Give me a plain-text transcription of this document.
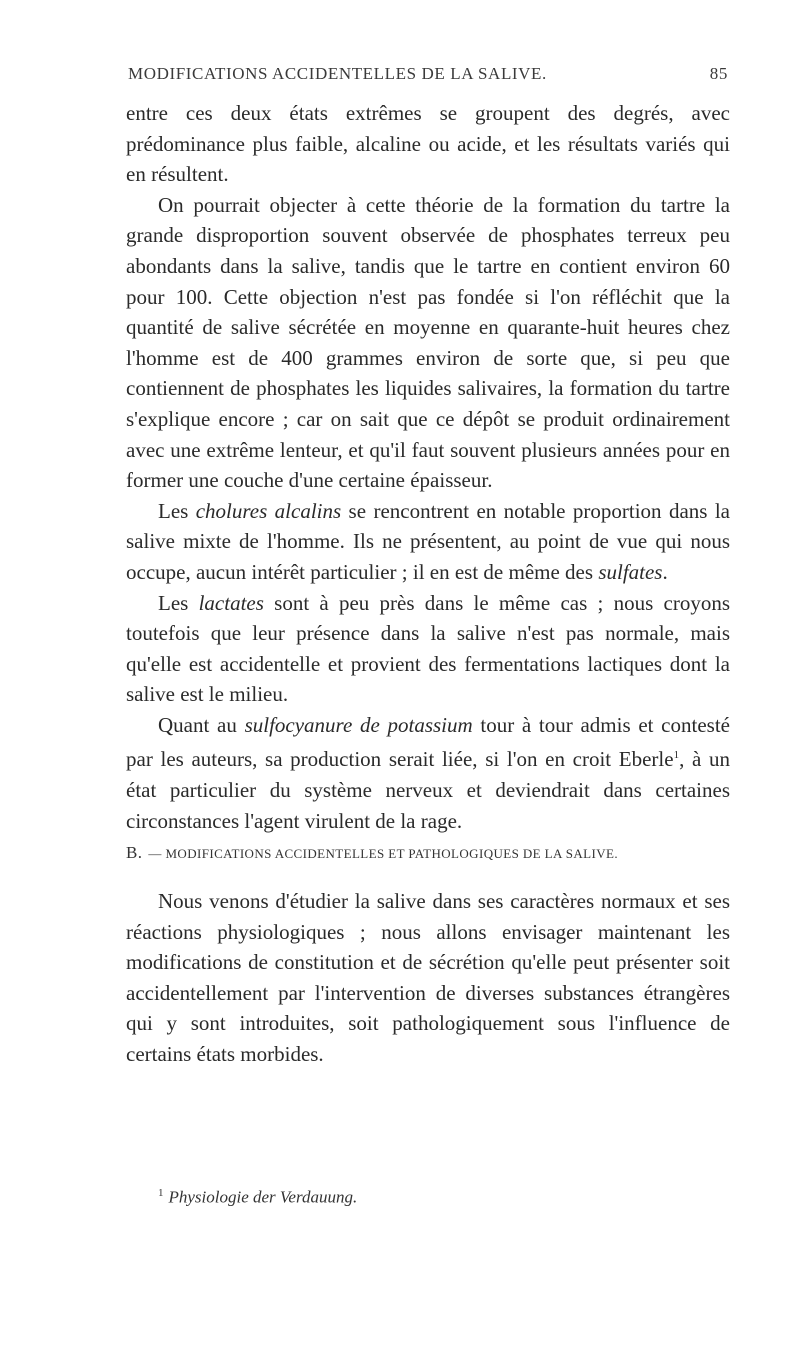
MODIFICATIONS ACCIDENTELLES DE LA SALIVE.	85

entre ces deux états extrêmes se groupent des degrés, avec prédominance plus faible, alcaline ou acide, et les résultats variés qui en résultent.

On pourrait objecter à cette théorie de la formation du tartre la grande disproportion souvent observée de phosphates terreux peu abondants dans la salive, tandis que le tartre en contient environ 60 pour 100. Cette objection n'est pas fondée si l'on réfléchit que la quantité de salive sécrétée en moyenne en quarante-huit heures chez l'homme est de 400 grammes environ de sorte que, si peu que contiennent de phosphates les liquides salivaires, la formation du tartre s'explique encore ; car on sait que ce dépôt se produit ordinairement avec une extrême lenteur, et qu'il faut souvent plusieurs années pour en former une couche d'une certaine épaisseur.

Les cholures alcalins se rencontrent en notable proportion dans la salive mixte de l'homme. Ils ne présentent, au point de vue qui nous occupe, aucun intérêt particulier ; il en est de même des sulfates.

Les lactates sont à peu près dans le même cas ; nous croyons toutefois que leur présence dans la salive n'est pas normale, mais qu'elle est accidentelle et provient des fermentations lactiques dont la salive est le milieu.

Quant au sulfocyanure de potassium tour à tour admis et contesté par les auteurs, sa production serait liée, si l'on en croit Eberle$^1$, à un état particulier du système nerveux et deviendrait dans certaines circonstances l'agent virulent de la rage.

B. — MODIFICATIONS ACCIDENTELLES ET PATHOLOGIQUES DE LA SALIVE.

Nous venons d'étudier la salive dans ses caractères normaux et ses réactions physiologiques ; nous allons envisager maintenant les modifications de constitution et de sécrétion qu'elle peut présenter soit accidentellement par l'intervention de diverses substances étrangères qui y sont introduites, soit pathologiquement sous l'influence de certains états morbides.

$^1$ Physiologie der Verdauung.
